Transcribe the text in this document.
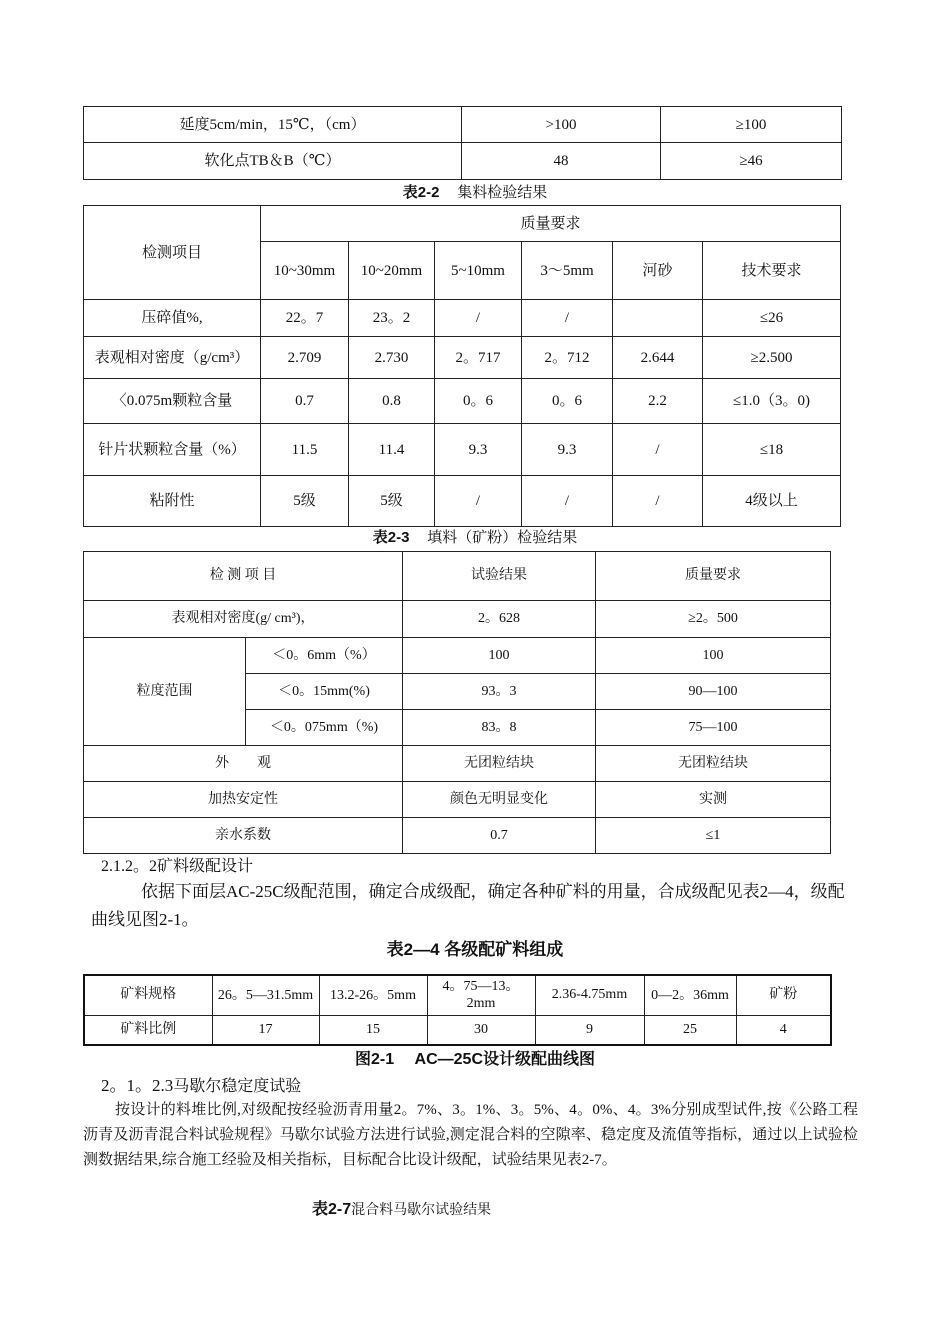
延度5cm/min，15℃，（cm）	>100	≥100
软化点TB＆B（℃）	48	≥46
表2-2 集料检验结果
检测项目	质量要求					
	10~30mm	10~20mm	5~10mm	3～5mm	河砂	技术要求
压碎值%,	22。7	23。2	/	/		≤26
表观相对密度（g/cm³）	2.709	2.730	2。717	2。712	2.644	≥2.500
〈0.075m颗粒含量	0.7	0.8	0。6	0。6	2.2	≤1.0（3。0)
针片状颗粒含量（%）	11.5	11.4	9.3	9.3	/	≤18
粘附性	5级	5级	/	/	/	4级以上
表2-3 填料（矿粉）检验结果
检 测 项 目		试验结果	质量要求
表观相对密度(g/ cm³)，		2。628	≥2。500
粒度范围	＜0。6mm（%）	100	100
	＜0。15mm(%)	93。3	90—100
	＜0。075mm（%)	83。8	75—100
外　　观		无团粒结块	无团粒结块
加热安定性		颜色无明显变化	实测
亲水系数		0.7	≤1
2.1.2。2矿料级配设计
依据下面层AC-25C级配范围，确定合成级配，确定各种矿料的用量，合成级配见表2—4，级配曲线见图2-1。
表2—4 各级配矿料组成
矿料规格	26。5—31.5mm	13.2-26。5mm	4。75—13。2mm	2.36-4.75mm	0—2。36mm	矿粉
矿料比例	17	15	30	9	25	4
图2-1　 AC—25C设计级配曲线图
2。1。2.3马歇尔稳定度试验
按设计的料堆比例,对级配按经验沥青用量2。7%、3。1%、3。5%、4。0%、4。3%分别成型试件,按《公路工程沥青及沥青混合料试验规程》马歇尔试验方法进行试验,测定混合料的空隙率、稳定度及流值等指标，通过以上试验检测数据结果,综合施工经验及相关指标，目标配合比设计级配，试验结果见表2-7。
表2-7混合料马歇尔试验结果
